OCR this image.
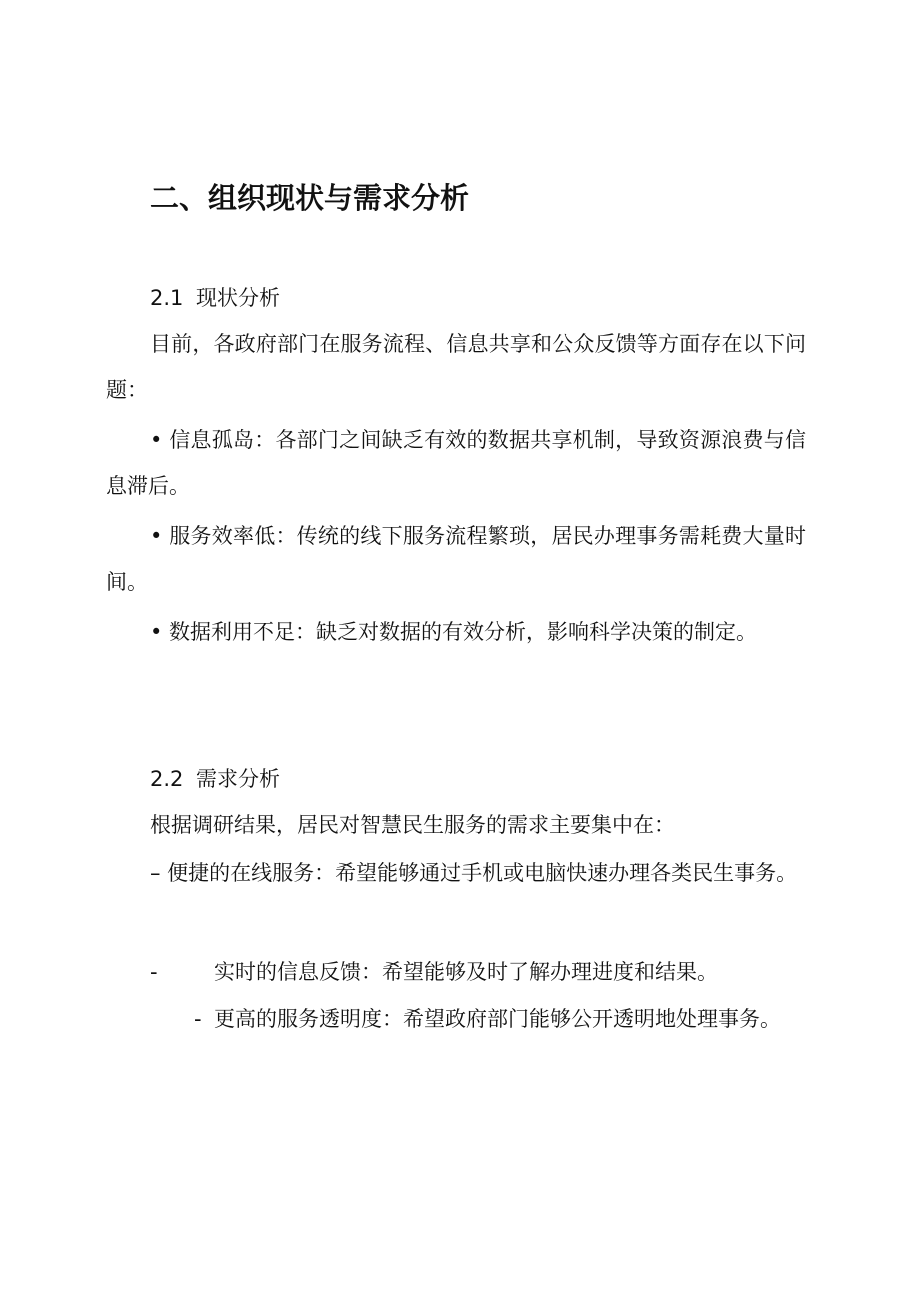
二、组织现状与需求分析
2.1 现状分析
目前，各政府部门在服务流程、信息共享和公众反馈等方面存在以下问题：
• 信息孤岛：各部门之间缺乏有效的数据共享机制，导致资源浪费与信息滞后。
• 服务效率低：传统的线下服务流程繁琐，居民办理事务需耗费大量时间。
• 数据利用不足：缺乏对数据的有效分析，影响科学决策的制定。
2.2 需求分析
根据调研结果，居民对智慧民生服务的需求主要集中在：
– 便捷的在线服务：希望能够通过手机或电脑快速办理各类民生事务。
-	实时的信息反馈：希望能够及时了解办理进度和结果。
- 更高的服务透明度：希望政府部门能够公开透明地处理事务。
